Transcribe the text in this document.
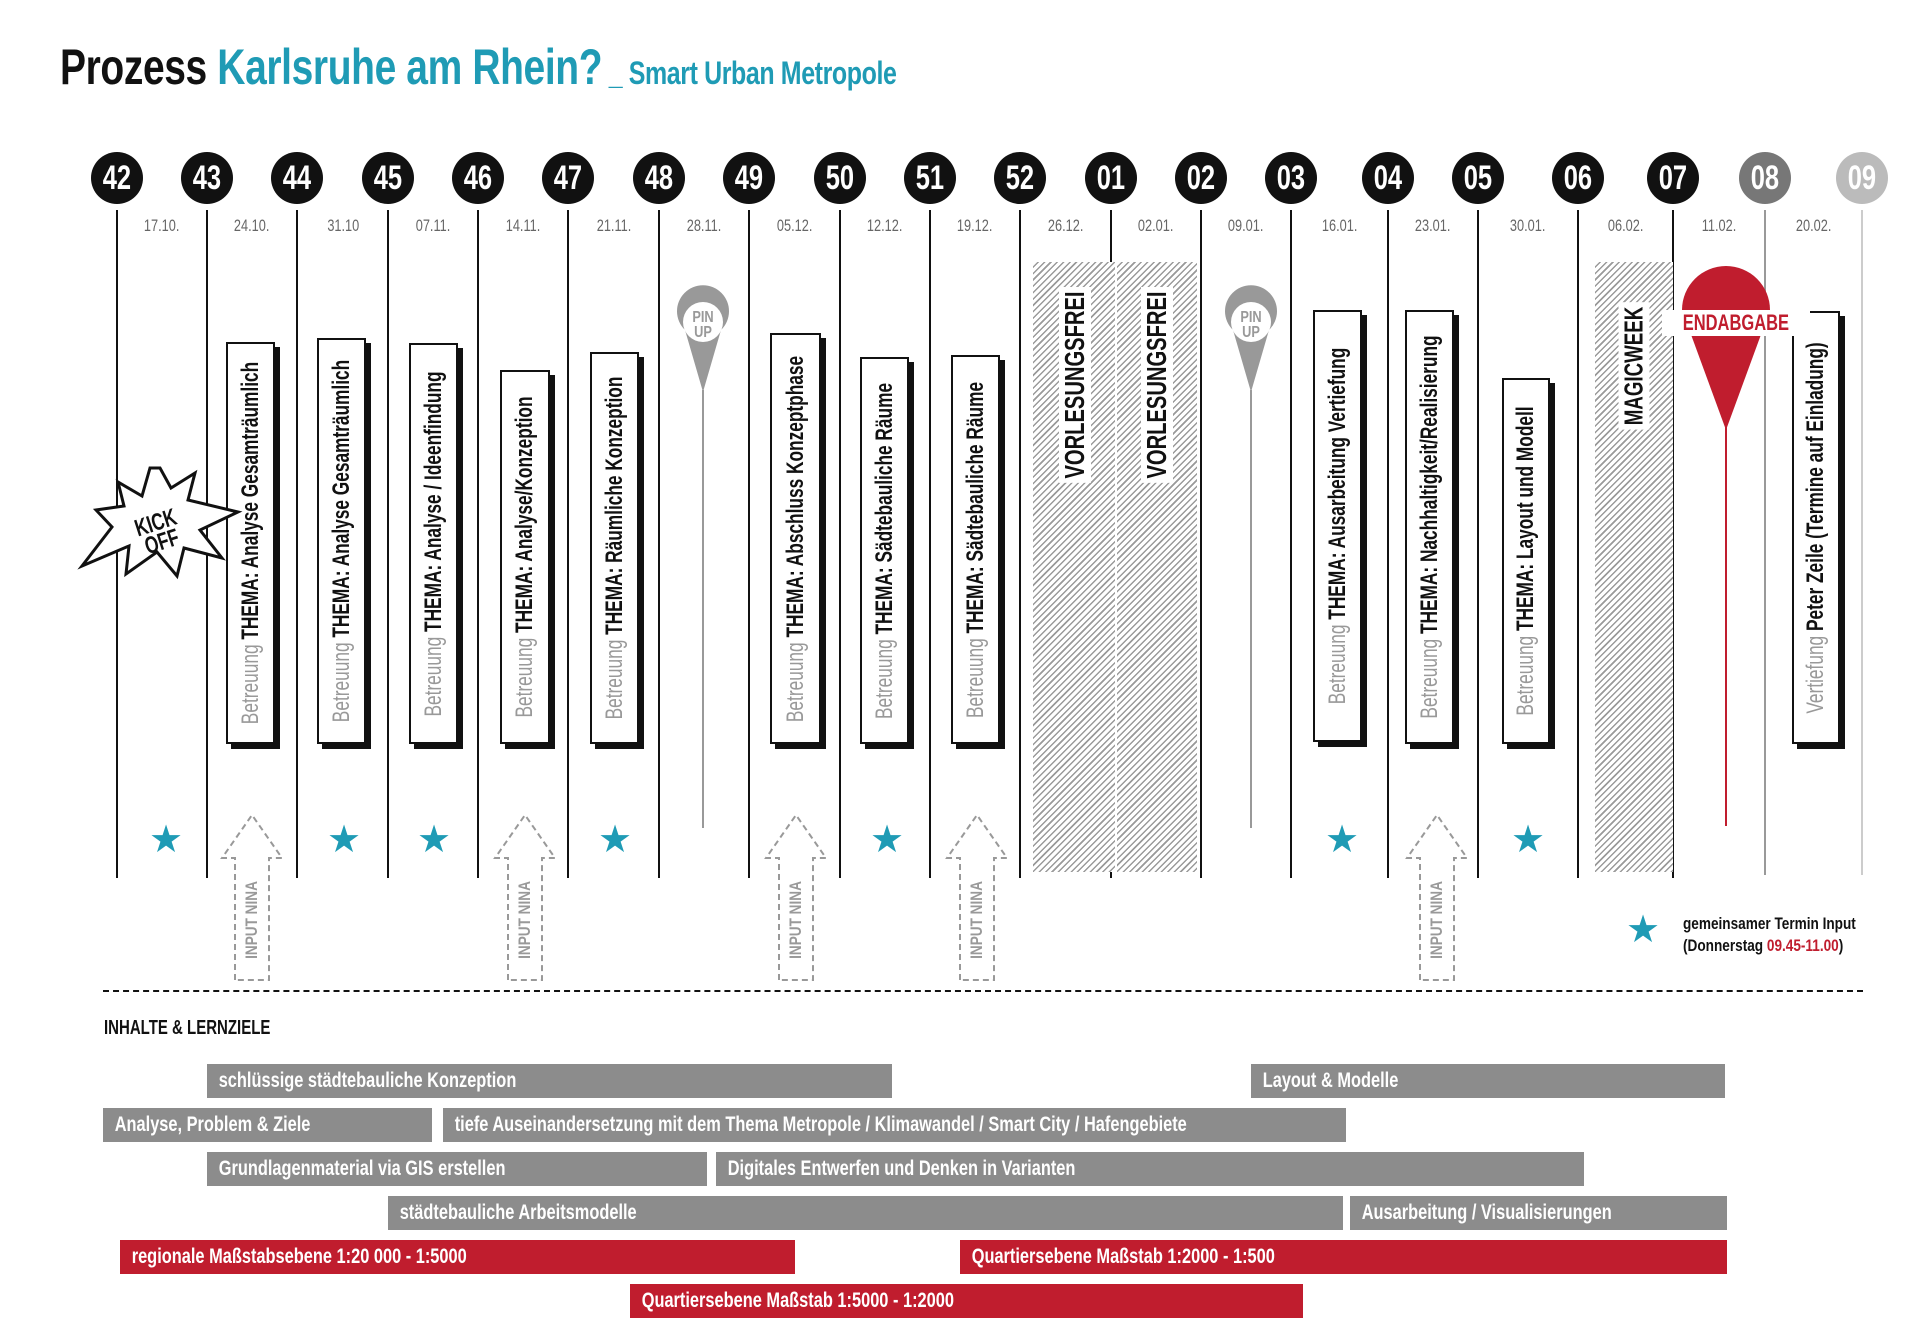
Prozess Karlsruhe am Rhein? _ Smart Urban Metropole
42
17.10.
43
24.10.
44
31.10
45
07.11.
46
14.11.
47
21.11.
48
28.11.
49
05.12.
50
12.12.
51
19.12.
52
26.12.
01
02.01.
02
09.01.
03
16.01.
04
23.01.
05
30.01.
06
06.02.
07
11.02.
08
20.02.
09
Betreuung THEMA: Analyse Gesamträumlich
Betreuung THEMA: Analyse Gesamträumlich
Betreuung THEMA: Analyse / Ideenfindung
Betreuung THEMA: Analyse/Konzeption
Betreuung THEMA: Räumliche Konzeption
Betreuung THEMA: Abschluss Konzeptphase
Betreuung THEMA: Sädtebauliche Räume
Betreuung THEMA: Sädtebauliche Räume
Betreuung THEMA: Ausarbeitung Vertiefung
Betreuung THEMA: Nachhaltigkeit/Realisierung
Betreuung THEMA: Layout und Modell
Vertiefung Peter Zeile (Termine auf Einladung)
★	★ ★	★	★	★	★
VORLESUNGSFREI VORLESUNGSFREI	MAGICWEEK
KICK OFF
PIN UP
PIN UP	ENDABGABE
INPUT NINA	INPUT NINA	INPUT NINA	INPUT NINA	INPUT NINA	★ gemeinsamer Termin Input
(Donnerstag 09.45-11.00)
INHALTE & LERNZIELE
schlüssige städtebauliche Konzeption	Layout & Modelle
Analyse, Problem & Ziele	tiefe Auseinandersetzung mit dem Thema Metropole / Klimawandel / Smart City / Hafengebiete
Grundlagenmaterial via GIS erstellen	Digitales Entwerfen und Denken in Varianten
städtebauliche Arbeitsmodelle	Ausarbeitung / Visualisierungen
regionale Maßstabsebene 1:20 000 - 1:5000	Quartiersebene Maßstab 1:2000 - 1:500
Quartiersebene Maßstab 1:5000 - 1:2000
